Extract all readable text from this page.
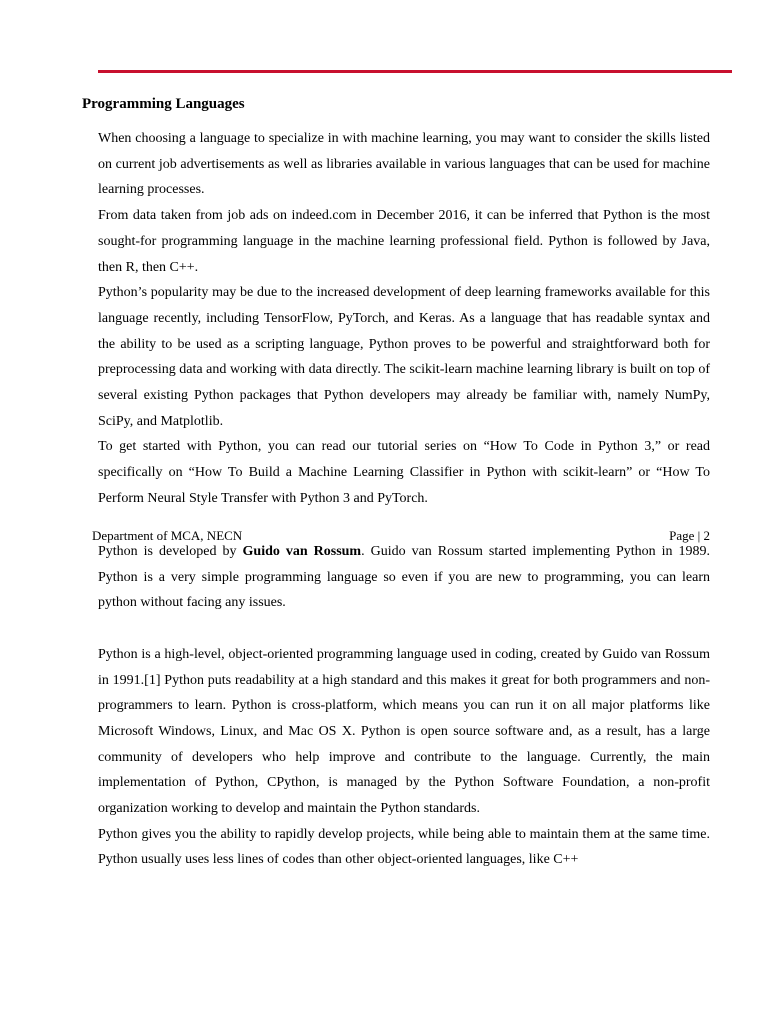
Programming Languages

When choosing a language to specialize in with machine learning, you may want to consider the skills listed on current job advertisements as well as libraries available in various languages that can be used for machine learning processes.

From data taken from job ads on indeed.com in December 2016, it can be inferred that Python is the most sought-for programming language in the machine learning professional field. Python is followed by Java, then R, then C++.

Python’s popularity may be due to the increased development of deep learning frameworks available for this language recently, including TensorFlow, PyTorch, and Keras. As a language that has readable syntax and the ability to be used as a scripting language, Python proves to be powerful and straightforward both for preprocessing data and working with data directly. The scikit-learn machine learning library is built on top of several existing Python packages that Python developers may already be familiar with, namely NumPy, SciPy, and Matplotlib.

To get started with Python, you can read our tutorial series on “How To Code in Python 3,” or read specifically on “How To Build a Machine Learning Classifier in Python with scikit-learn” or “How To Perform Neural Style Transfer with Python 3 and PyTorch.

Department of MCA, NECN	Page | 2

Python is developed by Guido van Rossum. Guido van Rossum started implementing Python in 1989. Python is a very simple programming language so even if you are new to programming, you can learn python without facing any issues.

Python is a high-level, object-oriented programming language used in coding, created by Guido van Rossum in 1991.[1] Python puts readability at a high standard and this makes it great for both programmers and non-programmers to learn. Python is cross-platform, which means you can run it on all major platforms like Microsoft Windows, Linux, and Mac OS X. Python is open source software and, as a result, has a large community of developers who help improve and contribute to the language. Currently, the main implementation of Python, CPython, is managed by the Python Software Foundation, a non-profit organization working to develop and maintain the Python standards.

Python gives you the ability to rapidly develop projects, while being able to maintain them at the same time. Python usually uses less lines of codes than other object-oriented languages, like C++
